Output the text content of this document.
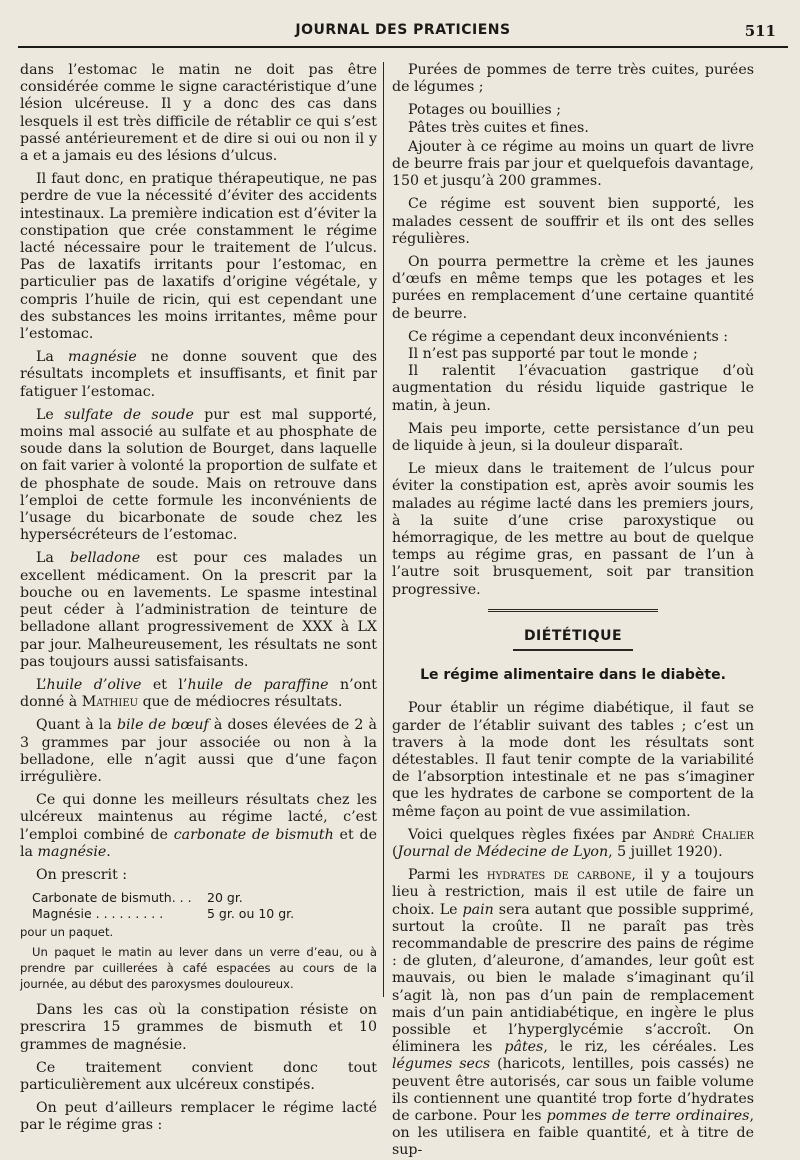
JOURNAL DES PRATICIENS	511

dans l’estomac le matin ne doit pas être considérée comme le signe caractéristique d’une lésion ulcéreuse. Il y a donc des cas dans lesquels il est très difficile de rétablir ce qui s’est passé antérieurement et de dire si oui ou non il y a et a jamais eu des lésions d’ulcus.

Il faut donc, en pratique thérapeutique, ne pas perdre de vue la nécessité d’éviter des accidents intestinaux. La première indication est d’éviter la constipation que crée constamment le régime lacté nécessaire pour le traitement de l’ulcus. Pas de laxatifs irritants pour l’estomac, en particulier pas de laxatifs d’origine végétale, y compris l’huile de ricin, qui est cependant une des substances les moins irritantes, même pour l’estomac.

La magnésie ne donne souvent que des résultats incomplets et insuffisants, et finit par fatiguer l’estomac.

Le sulfate de soude pur est mal supporté, moins mal associé au sulfate et au phosphate de soude dans la solution de Bourget, dans laquelle on fait varier à volonté la proportion de sulfate et de phosphate de soude. Mais on retrouve dans l’emploi de cette formule les inconvénients de l’usage du bicarbonate de soude chez les hypersécréteurs de l’estomac.

La belladone est pour ces malades un excellent médicament. On la prescrit par la bouche ou en lavements. Le spasme intestinal peut céder à l’administration de teinture de belladone allant progressivement de XXX à LX par jour. Malheureusement, les résultats ne sont pas toujours aussi satisfaisants.

L’huile d’olive et l’huile de paraffine n’ont donné à Mathieu que de médiocres résultats.

Quant à la bile de bœuf à doses élevées de 2 à 3 grammes par jour associée ou non à la belladone, elle n’agit aussi que d’une façon irrégulière.

Ce qui donne les meilleurs résultats chez les ulcéreux maintenus au régime lacté, c’est l’emploi combiné de carbonate de bismuth et de la magnésie.

On prescrit :

Carbonate de bismuth. . .	20 gr.
Magnésie . . . . . . . . .	5 gr. ou 10 gr.

pour un paquet.

Un paquet le matin au lever dans un verre d’eau, ou à prendre par cuillerées à café espacées au cours de la journée, au début des paroxysmes douloureux.

Dans les cas où la constipation résiste on prescrira 15 grammes de bismuth et 10 grammes de magnésie.

Ce traitement convient donc tout particulièrement aux ulcéreux constipés.

On peut d’ailleurs remplacer le régime lacté par le régime gras :

Purées de pommes de terre très cuites, purées de légumes ;

Potages ou bouillies ;

Pâtes très cuites et fines.

Ajouter à ce régime au moins un quart de livre de beurre frais par jour et quelquefois davantage, 150 et jusqu’à 200 grammes.

Ce régime est souvent bien supporté, les malades cessent de souffrir et ils ont des selles régulières.

On pourra permettre la crème et les jaunes d’œufs en même temps que les potages et les purées en remplacement d’une certaine quantité de beurre.

Ce régime a cependant deux inconvénients :

Il n’est pas supporté par tout le monde ;

Il ralentit l’évacuation gastrique d’où augmentation du résidu liquide gastrique le matin, à jeun.

Mais peu importe, cette persistance d’un peu de liquide à jeun, si la douleur disparaît.

Le mieux dans le traitement de l’ulcus pour éviter la constipation est, après avoir soumis les malades au régime lacté dans les premiers jours, à la suite d’une crise paroxystique ou hémorragique, de les mettre au bout de quelque temps au régime gras, en passant de l’un à l’autre soit brusquement, soit par transition progressive.

DIÉTÉTIQUE
Le régime alimentaire dans le diabète.

Pour établir un régime diabétique, il faut se garder de l’établir suivant des tables ; c’est un travers à la mode dont les résultats sont détestables. Il faut tenir compte de la variabilité de l’absorption intestinale et ne pas s’imaginer que les hydrates de carbone se comportent de la même façon au point de vue assimilation.

Voici quelques règles fixées par André Chalier (Journal de Médecine de Lyon, 5 juillet 1920).

Parmi les hydrates de carbone, il y a toujours lieu à restriction, mais il est utile de faire un choix. Le pain sera autant que possible supprimé, surtout la croûte. Il ne paraît pas très recommandable de prescrire des pains de régime : de gluten, d’aleurone, d’amandes, leur goût est mauvais, ou bien le malade s’imaginant qu’il s’agit là, non pas d’un pain de remplacement mais d’un pain antidiabétique, en ingère le plus possible et l’hyperglycémie s’accroît. On éliminera les pâtes, le riz, les céréales. Les légumes secs (haricots, lentilles, pois cassés) ne peuvent être autorisés, car sous un faible volume ils contiennent une quantité trop forte d’hydrates de carbone. Pour les pommes de terre ordinaires, on les utilisera en faible quantité, et à titre de sup-
